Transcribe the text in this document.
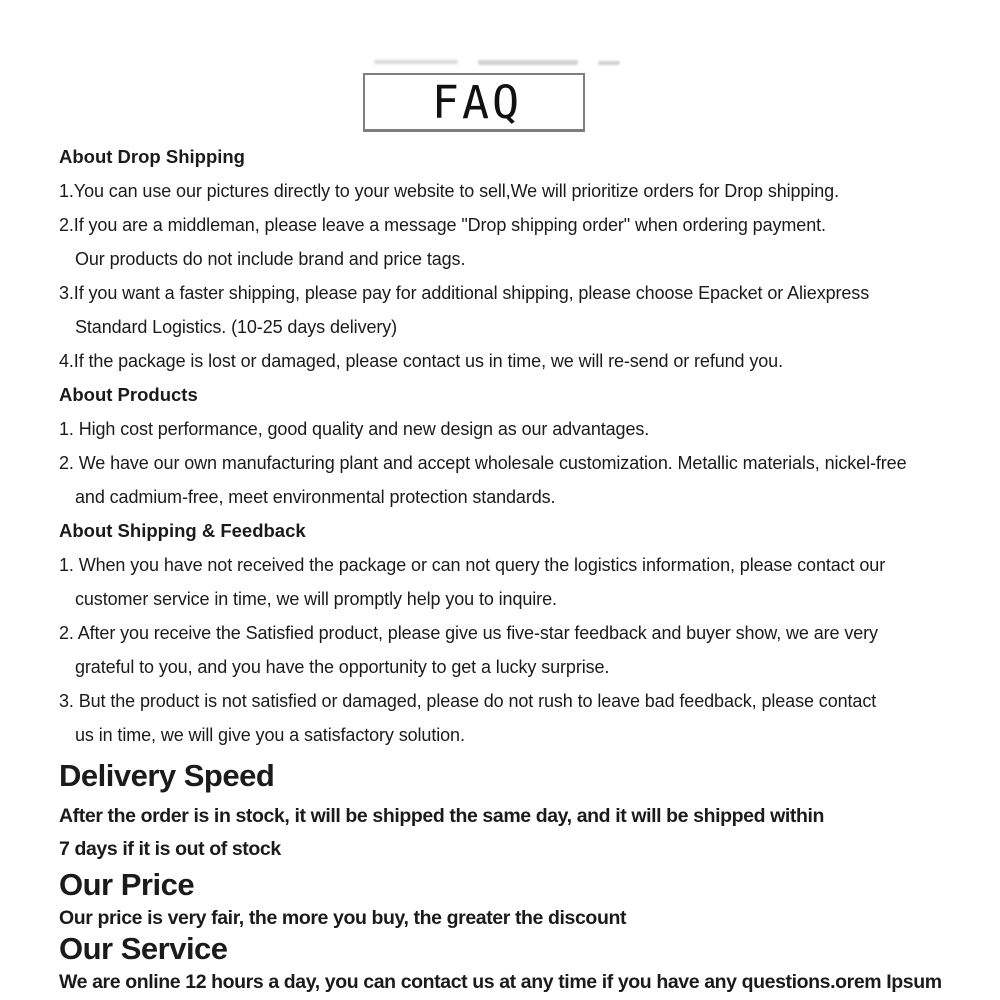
FAQ
About Drop Shipping
1.You can use our pictures directly to your website to sell,We will prioritize orders for Drop shipping.
2.If you are a middleman, please leave a message "Drop shipping order" when ordering payment.
Our products do not include brand and price tags.
3.If you want a faster shipping, please pay for additional shipping, please choose Epacket or Aliexpress
Standard Logistics. (10-25 days delivery)
4.If the package is lost or damaged, please contact us in time, we will re-send or refund you.
About Products
1. High cost performance, good quality and new design as our advantages.
2. We have our own manufacturing plant and accept wholesale customization. Metallic materials, nickel-free
and cadmium-free, meet environmental protection standards.
About Shipping & Feedback
1. When you have not received the package or can not query the logistics information, please contact our
customer service in time, we will promptly help you to inquire.
2. After you receive the Satisfied product, please give us five-star feedback and buyer show, we are very
grateful to you, and you have the opportunity to get a lucky surprise.
3. But the product is not satisfied or damaged, please do not rush to leave bad feedback, please contact
us in time, we will give you a satisfactory solution.
Delivery Speed
After the order is in stock, it will be shipped the same day, and it will be shipped within
7 days if it is out of stock
Our Price
Our price is very fair, the more you buy, the greater the discount
Our Service
We are online 12 hours a day, you can contact us at any time if you have any questions.orem Ipsum
